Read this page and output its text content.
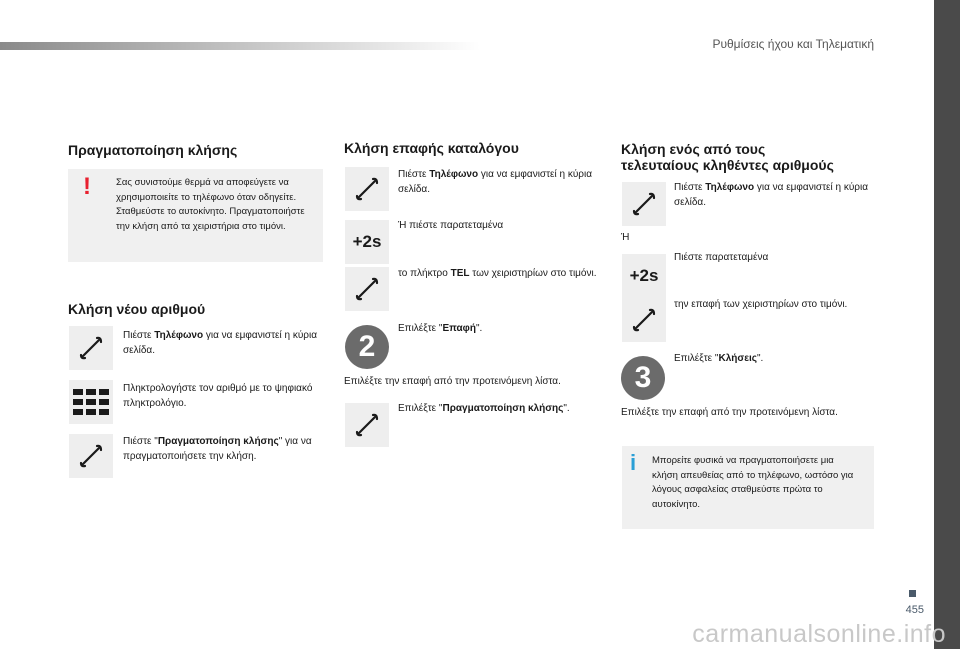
Ρυθμίσεις ήχου και Τηλεματική
Πραγματοποίηση κλήσης
!	Σας συνιστούμε θερμά να αποφεύγετε να χρησιμοποιείτε το τηλέφωνο όταν οδηγείτε. Σταθμεύστε το αυτοκίνητο. Πραγματοποιήστε την κλήση από τα χειριστήρια στο τιμόνι.
Κλήση νέου αριθμού
Πιέστε Τηλέφωνο για να εμφανιστεί η κύρια σελίδα.
Πληκτρολογήστε τον αριθμό με το ψηφιακό πληκτρολόγιο.
Πιέστε "Πραγματοποίηση κλήσης" για να πραγματοποιήσετε την κλήση.
Κλήση επαφής καταλόγου
Πιέστε Τηλέφωνο για να εμφανιστεί η κύρια σελίδα.
+2s
Ή πιέστε παρατεταμένα
το πλήκτρο TEL των χειριστηρίων στο τιμόνι.
2
Επιλέξτε "Επαφή".
Επιλέξτε την επαφή από την προτεινόμενη λίστα.
Επιλέξτε "Πραγματοποίηση κλήσης".
Κλήση ενός από τους
τελευταίους κληθέντες αριθμούς
Πιέστε Τηλέφωνο για να εμφανιστεί η κύρια σελίδα.
Ή
+2s
Πιέστε παρατεταμένα
την επαφή των χειριστηρίων στο τιμόνι.
3
Επιλέξτε "Κλήσεις".
Επιλέξτε την επαφή από την προτεινόμενη λίστα.
i Μπορείτε φυσικά να πραγματοποιήσετε μια κλήση απευθείας από το τηλέφωνο, ωστόσο για λόγους ασφαλείας σταθμεύστε πρώτα το αυτοκίνητο.
455
carmanualsonline.info
